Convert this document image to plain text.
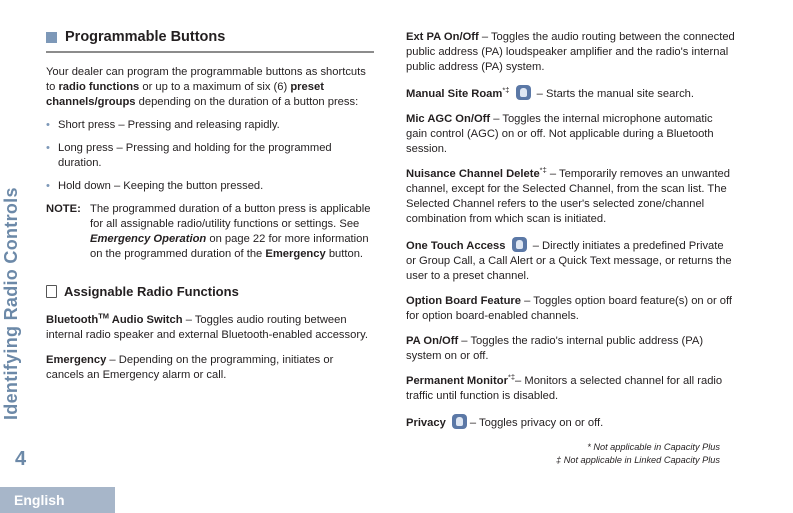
Identifying Radio Controls
4
English
Programmable Buttons

Your dealer can program the programmable buttons as shortcuts to radio functions or up to a maximum of six (6) preset channels/groups depending on the duration of a button press:

• Short press – Pressing and releasing rapidly.
• Long press – Pressing and holding for the programmed duration.
• Hold down – Keeping the button pressed.
NOTE: The programmed duration of a button press is applicable for all assignable radio/utility functions or settings. See Emergency Operation on page 22 for more information on the programmed duration of the Emergency button.
Assignable Radio Functions
Bluetooth™ Audio Switch – Toggles audio routing between internal radio speaker and external Bluetooth-enabled accessory.
Emergency – Depending on the programming, initiates or cancels an Emergency alarm or call.
Ext PA On/Off – Toggles the audio routing between the connected public address (PA) loudspeaker amplifier and the radio's internal public address (PA) system.
Manual Site Roam*‡  – Starts the manual site search.
Mic AGC On/Off – Toggles the internal microphone automatic gain control (AGC) on or off. Not applicable during a Bluetooth session.
Nuisance Channel Delete*‡ – Temporarily removes an unwanted channel, except for the Selected Channel, from the scan list. The Selected Channel refers to the user's selected zone/channel combination from which scan is initiated.
One Touch Access  – Directly initiates a predefined Private or Group Call, a Call Alert or a Quick Text message, or returns the user to a preset channel.
Option Board Feature – Toggles option board feature(s) on or off for option board-enabled channels.
PA On/Off – Toggles the radio's internal public address (PA) system on or off.
Permanent Monitor*‡– Monitors a selected channel for all radio traffic until function is disabled.
Privacy – Toggles privacy on or off.
* Not applicable in Capacity Plus
‡ Not applicable in Linked Capacity Plus
